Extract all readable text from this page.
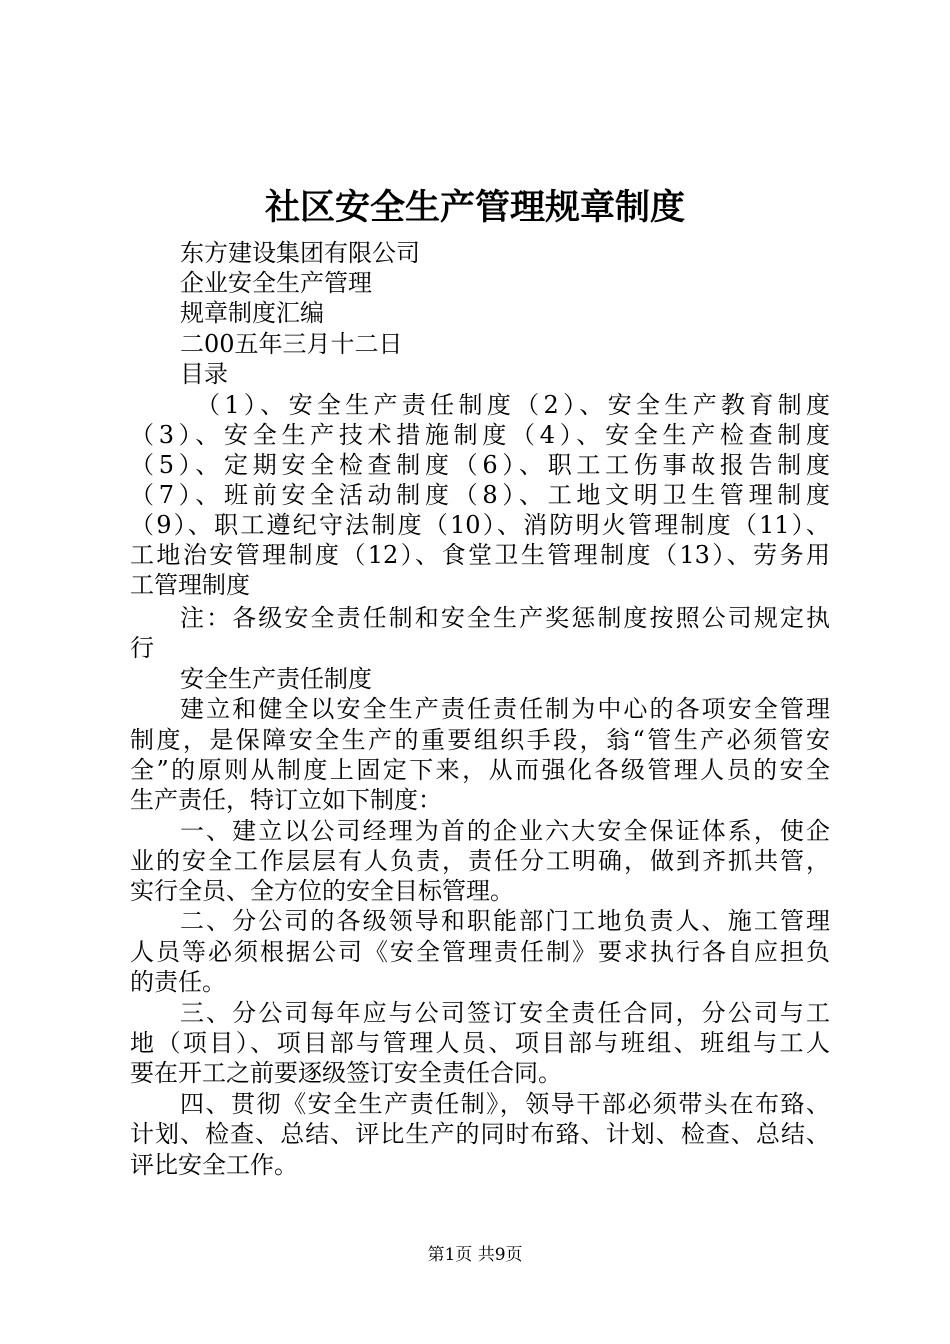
社区安全生产管理规章制度
东方建设集团有限公司
企业安全生产管理
规章制度汇编
二00五年三月十二日
目录
（1）、安全生产责任制度（2）、安全生产教育制度
（3）、安全生产技术措施制度（4）、安全生产检查制度
（5）、定期安全检查制度（6）、职工工伤事故报告制度
（7）、班前安全活动制度（8）、工地文明卫生管理制度
（9）、职工遵纪守法制度（10）、消防明火管理制度（11）、
工地治安管理制度（12）、食堂卫生管理制度（13）、劳务用
工管理制度
注：各级安全责任制和安全生产奖惩制度按照公司规定执
行
安全生产责任制度
建立和健全以安全生产责任责任制为中心的各项安全管理
制度，是保障安全生产的重要组织手段，翁“管生产必须管安
全”的原则从制度上固定下来，从而强化各级管理人员的安全
生产责任，特订立如下制度：
一、建立以公司经理为首的企业六大安全保证体系，使企
业的安全工作层层有人负责，责任分工明确，做到齐抓共管，
实行全员、全方位的安全目标管理。
二、分公司的各级领导和职能部门工地负责人、施工管理
人员等必须根据公司《安全管理责任制》要求执行各自应担负
的责任。
三、分公司每年应与公司签订安全责任合同，分公司与工
地（项目）、项目部与管理人员、项目部与班组、班组与工人
要在开工之前要逐级签订安全责任合同。
四、贯彻《安全生产责任制》，领导干部必须带头在布臵、
计划、检查、总结、评比生产的同时布臵、计划、检查、总结、
评比安全工作。
第1页 共9页
